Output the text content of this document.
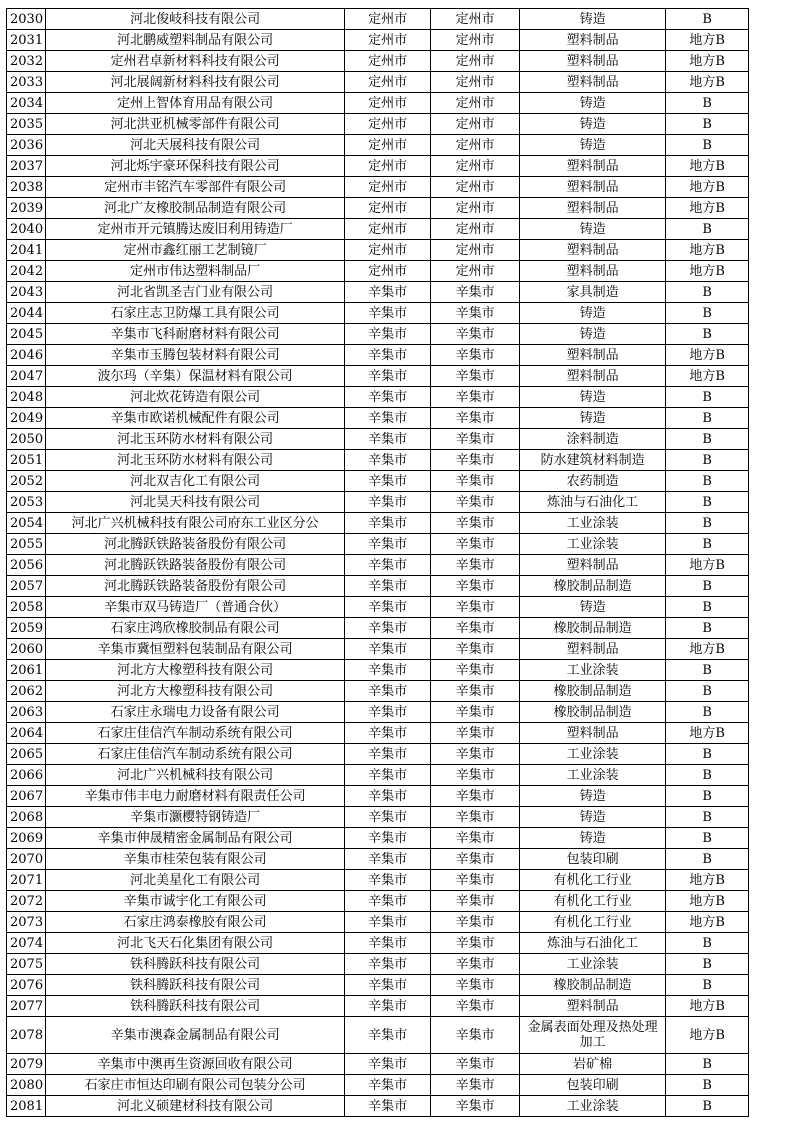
2030	河北俊岐科技有限公司	定州市	定州市	铸造	B
2031	河北鹏威塑料制品有限公司	定州市	定州市	塑料制品	地方B
2032	定州君卓新材料科技有限公司	定州市	定州市	塑料制品	地方B
2033	河北展阔新材料科技有限公司	定州市	定州市	塑料制品	地方B
2034	定州上智体育用品有限公司	定州市	定州市	铸造	B
2035	河北洪亚机械零部件有限公司	定州市	定州市	铸造	B
2036	河北天展科技有限公司	定州市	定州市	铸造	B
2037	河北烁宇豪环保科技有限公司	定州市	定州市	塑料制品	地方B
2038	定州市丰铭汽车零部件有限公司	定州市	定州市	塑料制品	地方B
2039	河北广友橡胶制品制造有限公司	定州市	定州市	塑料制品	地方B
2040	定州市开元镇腾达废旧利用铸造厂	定州市	定州市	铸造	B
2041	定州市鑫红丽工艺制镜厂	定州市	定州市	塑料制品	地方B
2042	定州市伟达塑料制品厂	定州市	定州市	塑料制品	地方B
2043	河北省凯圣吉门业有限公司	辛集市	辛集市	家具制造	B
2044	石家庄志卫防爆工具有限公司	辛集市	辛集市	铸造	B
2045	辛集市飞科耐磨材料有限公司	辛集市	辛集市	铸造	B
2046	辛集市玉腾包装材料有限公司	辛集市	辛集市	塑料制品	地方B
2047	波尔玛（辛集）保温材料有限公司	辛集市	辛集市	塑料制品	地方B
2048	河北炊花铸造有限公司	辛集市	辛集市	铸造	B
2049	辛集市欧诺机械配件有限公司	辛集市	辛集市	铸造	B
2050	河北玉环防水材料有限公司	辛集市	辛集市	涂料制造	B
2051	河北玉环防水材料有限公司	辛集市	辛集市	防水建筑材料制造	B
2052	河北双吉化工有限公司	辛集市	辛集市	农药制造	B
2053	河北昊天科技有限公司	辛集市	辛集市	炼油与石油化工	B
2054	河北广兴机械科技有限公司府东工业区分公	辛集市	辛集市	工业涂装	B
2055	河北腾跃铁路装备股份有限公司	辛集市	辛集市	工业涂装	B
2056	河北腾跃铁路装备股份有限公司	辛集市	辛集市	塑料制品	地方B
2057	河北腾跃铁路装备股份有限公司	辛集市	辛集市	橡胶制品制造	B
2058	辛集市双马铸造厂（普通合伙）	辛集市	辛集市	铸造	B
2059	石家庄鸿欣橡胶制品有限公司	辛集市	辛集市	橡胶制品制造	B
2060	辛集市冀恒塑料包装制品有限公司	辛集市	辛集市	塑料制品	地方B
2061	河北方大橡塑科技有限公司	辛集市	辛集市	工业涂装	B
2062	河北方大橡塑科技有限公司	辛集市	辛集市	橡胶制品制造	B
2063	石家庄永瑞电力设备有限公司	辛集市	辛集市	橡胶制品制造	B
2064	石家庄佳信汽车制动系统有限公司	辛集市	辛集市	塑料制品	地方B
2065	石家庄佳信汽车制动系统有限公司	辛集市	辛集市	工业涂装	B
2066	河北广兴机械科技有限公司	辛集市	辛集市	工业涂装	B
2067	辛集市伟丰电力耐磨材料有限责任公司	辛集市	辛集市	铸造	B
2068	辛集市灏樱特钢铸造厂	辛集市	辛集市	铸造	B
2069	辛集市伸晟精密金属制品有限公司	辛集市	辛集市	铸造	B
2070	辛集市桂荣包装有限公司	辛集市	辛集市	包装印刷	B
2071	河北美星化工有限公司	辛集市	辛集市	有机化工行业	地方B
2072	辛集市诚宇化工有限公司	辛集市	辛集市	有机化工行业	地方B
2073	石家庄鸿泰橡胶有限公司	辛集市	辛集市	有机化工行业	地方B
2074	河北飞天石化集团有限公司	辛集市	辛集市	炼油与石油化工	B
2075	铁科腾跃科技有限公司	辛集市	辛集市	工业涂装	B
2076	铁科腾跃科技有限公司	辛集市	辛集市	橡胶制品制造	B
2077	铁科腾跃科技有限公司	辛集市	辛集市	塑料制品	地方B
2078	辛集市澳森金属制品有限公司	辛集市	辛集市	金属表面处理及热处理加工	地方B
2079	辛集市中澳再生资源回收有限公司	辛集市	辛集市	岩矿棉	B
2080	石家庄市恒达印刷有限公司包装分公司	辛集市	辛集市	包装印刷	B
2081	河北义硕建材科技有限公司	辛集市	辛集市	工业涂装	B
